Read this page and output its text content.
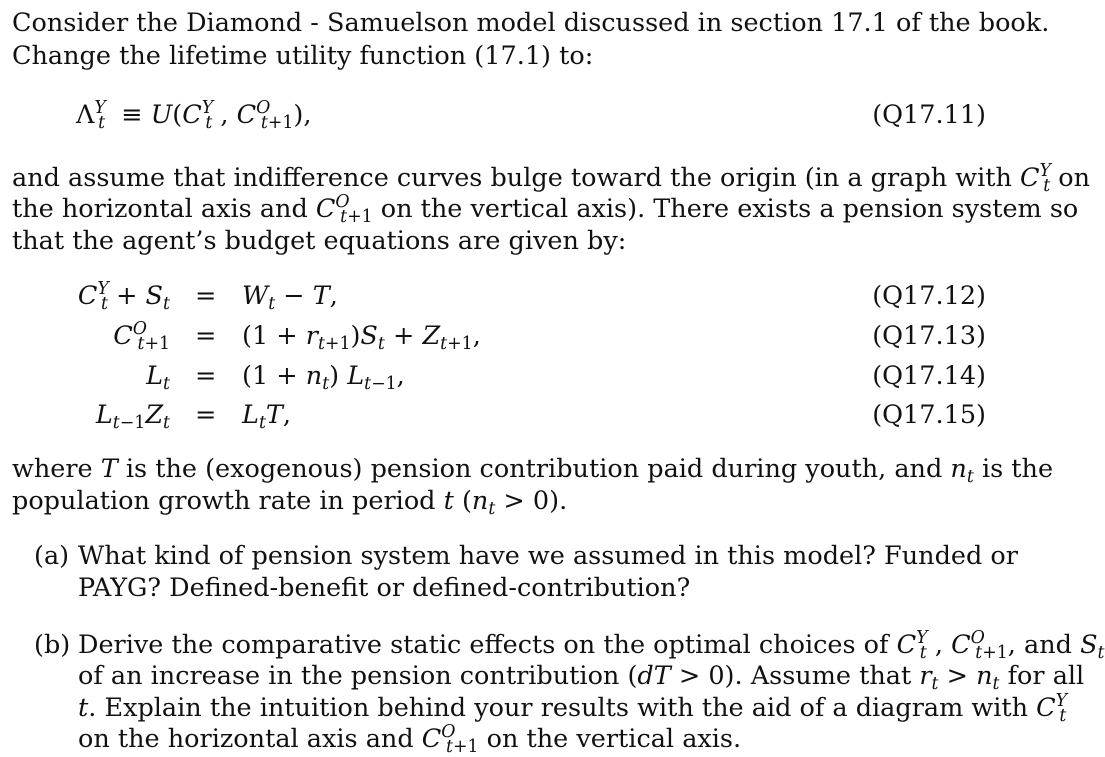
Consider the Diamond - Samuelson model discussed in section 17.1 of the book.
Change the lifetime utility function (17.1) to:
$\Lambda^Y_t \equiv U(C^Y_t$ , $C^O_{t+1}$),	(Q17.11)
and assume that indifference curves bulge toward the origin (in a graph with $C^Y_t$ on
the horizontal axis and $C^O_{t+1}$ on the vertical axis). There exists a pension system so
that the agent’s budget equations are given by:
$C^Y_t + S_t = W_t - T$,	(Q17.12)
$C^O_{t+1} = (1 + r_{t+1})S_t + Z_{t+1}$,	(Q17.13)
$L_t = (1 + n_t)$ $L_{t-1}$,	(Q17.14)
$L_{t-1}Z_t = L_tT$,	(Q17.15)
where T is the (exogenous) pension contribution paid during youth, and $n_t$ is the
population growth rate in period t $(n_t > 0)$.
(a) What kind of pension system have we assumed in this model? Funded or
PAYG? Defined-benefit or defined-contribution?
(b) Derive the comparative static effects on the optimal choices of $C^Y_t$ , $C^O_{t+1}$, and $S_t$
of an increase in the pension contribution (dT > 0). Assume that $r_t > n_t$ for all
t. Explain the intuition behind your results with the aid of a diagram with $C^Y_t$
on the horizontal axis and $C^O_{t+1}$ on the vertical axis.
